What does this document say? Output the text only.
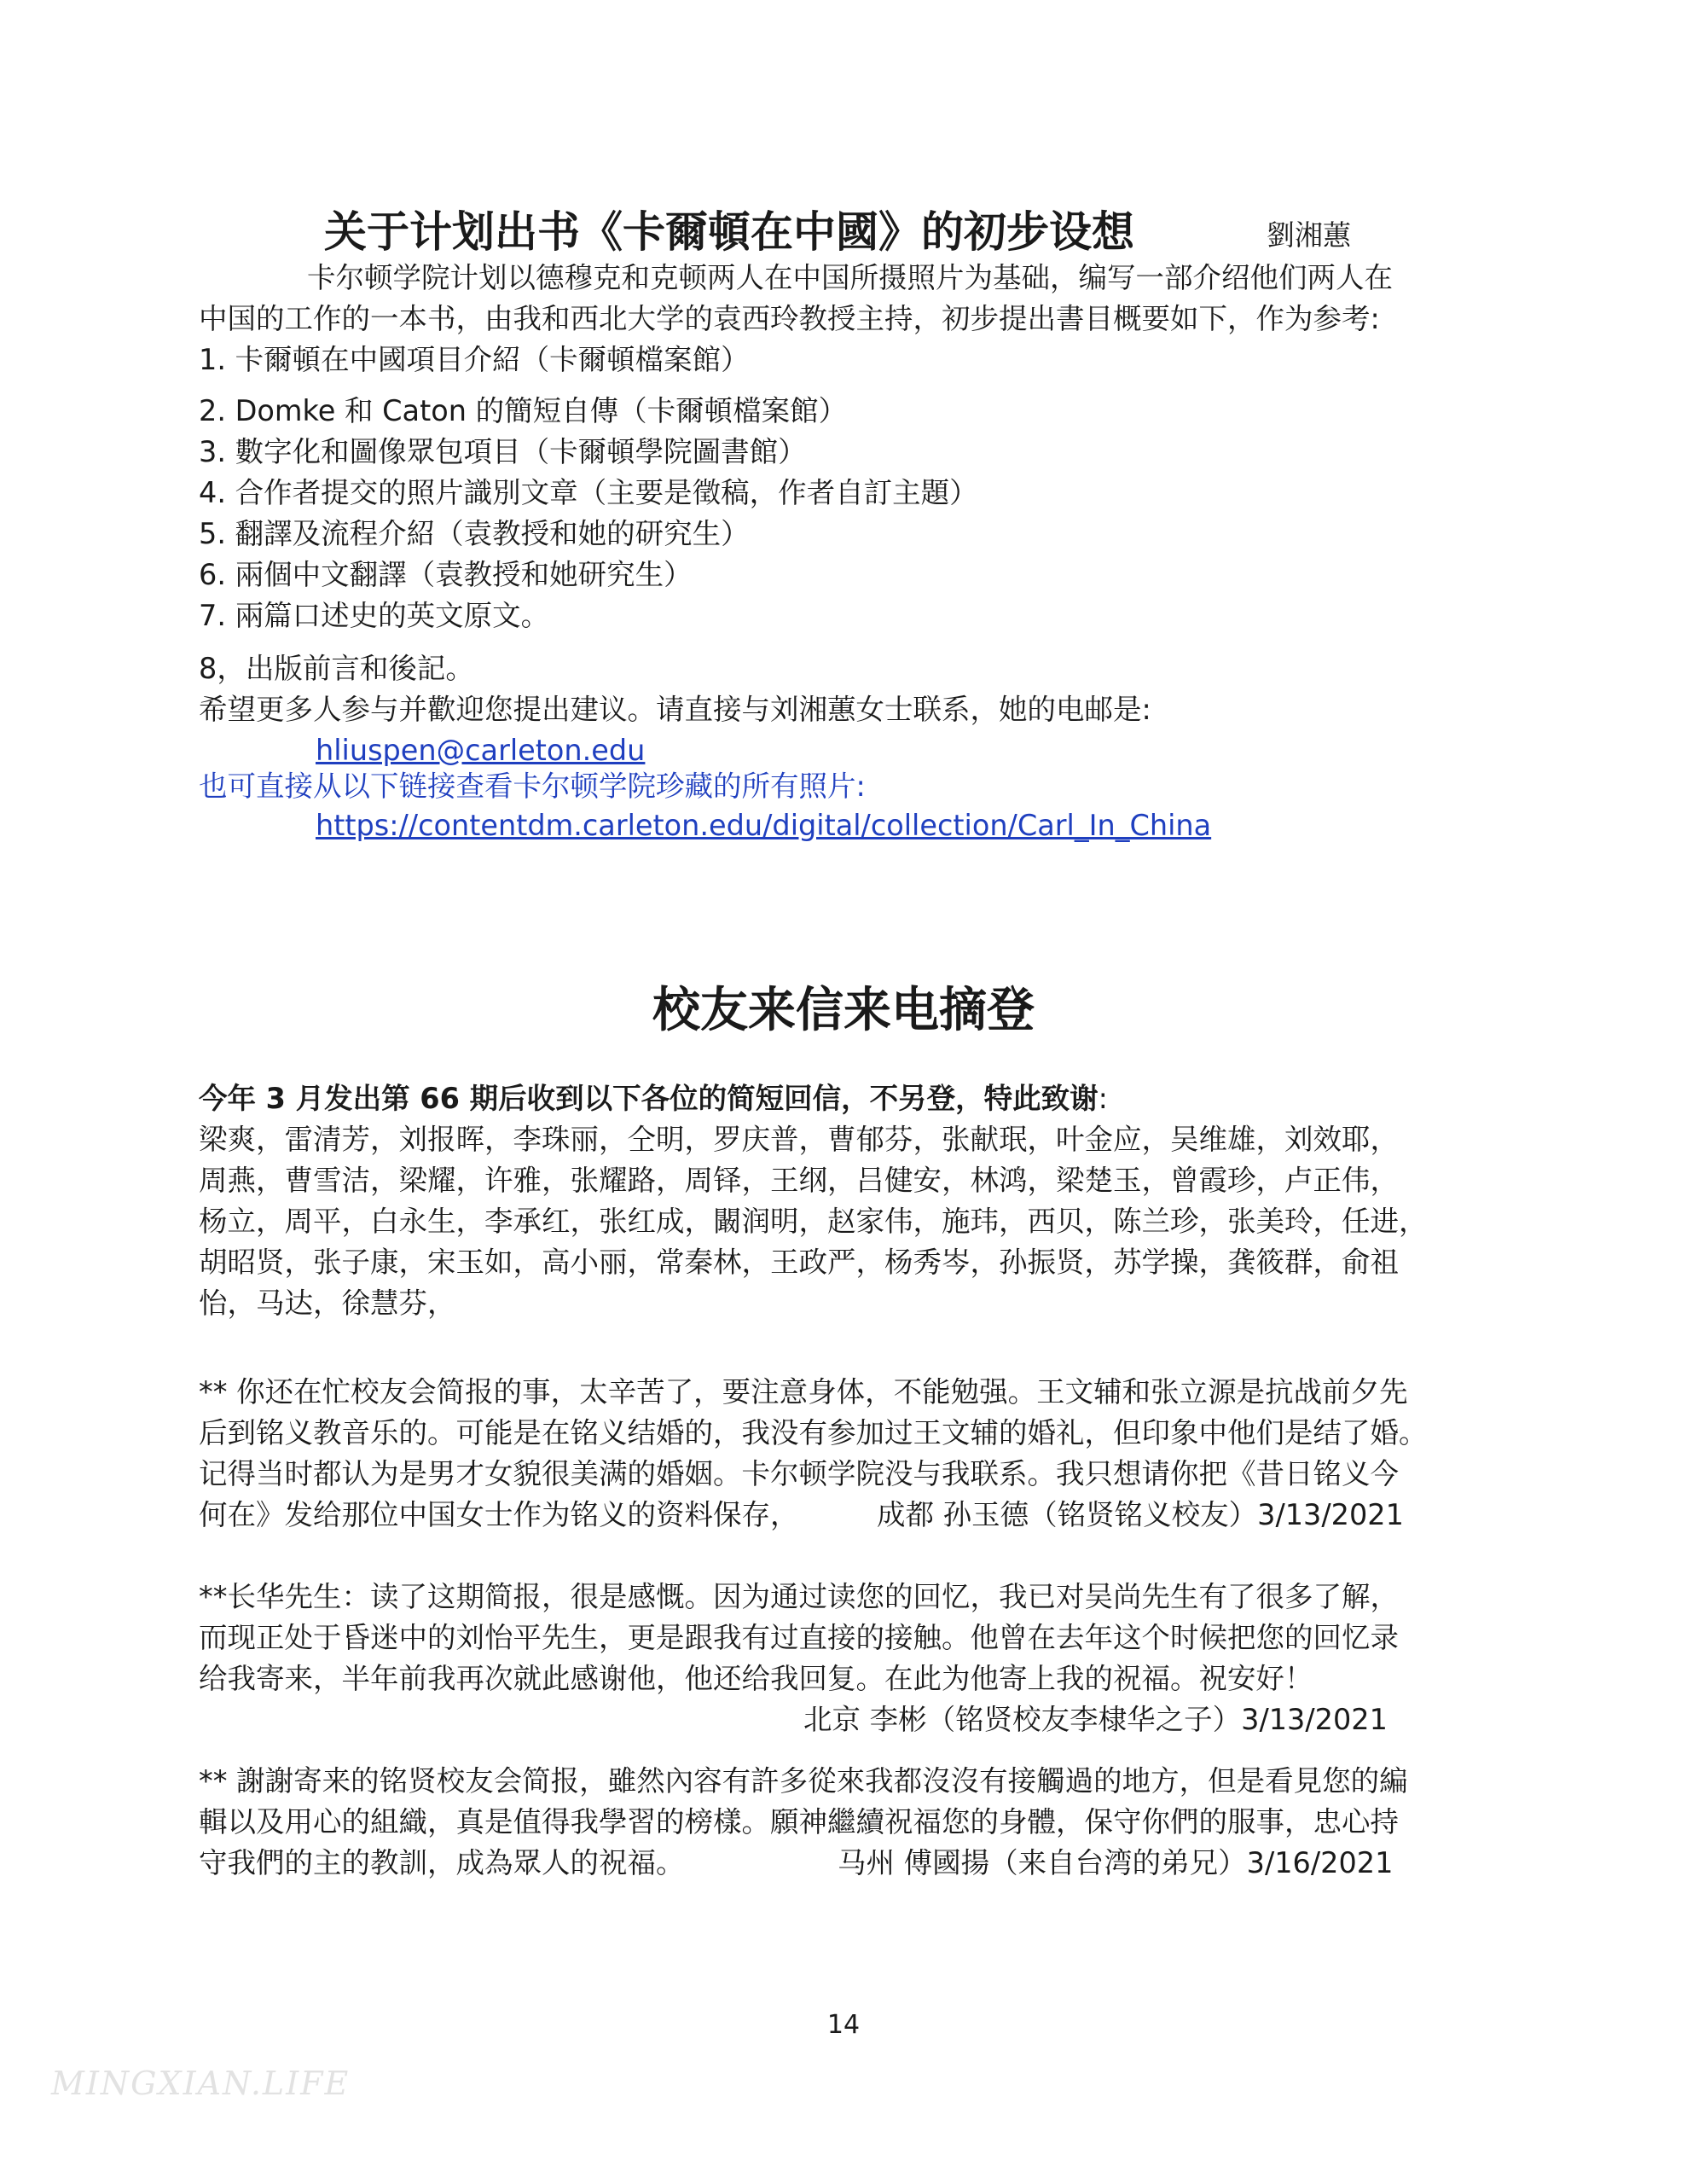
关于计划出书《卡爾頓在中國》的初步设想	劉湘蕙
卡尔顿学院计划以德穆克和克顿两人在中国所摄照片为基础，编写一部介绍他们两人在
中国的工作的一本书，由我和西北大学的袁西玲教授主持，初步提出書目概要如下，作为参考:
1. 卡爾頓在中國項目介紹（卡爾頓檔案館）
2. Domke 和 Caton 的簡短自傳（卡爾頓檔案館）
3. 數字化和圖像眾包項目（卡爾頓學院圖書館）
4. 合作者提交的照片識別文章（主要是徵稿，作者自訂主題）
5. 翻譯及流程介紹（袁教授和她的研究生）
6. 兩個中文翻譯（袁教授和她研究生）
7. 兩篇口述史的英文原文。
8，出版前言和後記。
希望更多人参与并歡迎您提出建议。请直接与刘湘蕙女士联系，她的电邮是:
hliuspen@carleton.edu
也可直接从以下链接查看卡尔顿学院珍藏的所有照片:
https://contentdm.carleton.edu/digital/collection/Carl_In_China
校友来信来电摘登
今年 3 月发出第 66 期后收到以下各位的简短回信，不另登，特此致谢:
梁爽，雷清芳，刘报晖，李珠丽，仝明，罗庆普，曹郁芬，张献珉，叶金应，吴维雄，刘效耶，
周燕，曹雪洁，梁耀，许雅，张耀路，周铎，王纲，吕健安，林鸿，梁楚玉，曾霞珍，卢正伟，
杨立，周平，白永生，李承红，张红成，闞润明，赵家伟，施玮，西贝，陈兰珍，张美玲，任进，
胡昭贤，张子康，宋玉如，高小丽，常秦林，王政严，杨秀岑，孙振贤，苏学操，龚筱群，俞祖
怡，马达，徐慧芬，
** 你还在忙校友会简报的事，太辛苦了，要注意身体，不能勉强。王文辅和张立源是抗战前夕先
后到铭义教音乐的。可能是在铭义结婚的，我没有参加过王文辅的婚礼，但印象中他们是结了婚。
记得当时都认为是男才女貌很美满的婚姻。卡尔顿学院没与我联系。我只想请你把《昔日铭义今
何在》发给那位中国女士作为铭义的资料保存，	成都 孙玉德（铭贤铭义校友）3/13/2021
**长华先生：读了这期简报，很是感慨。因为通过读您的回忆，我已对吴尚先生有了很多了解，
而现正处于昏迷中的刘怡平先生，更是跟我有过直接的接触。他曾在去年这个时候把您的回忆录
给我寄来，半年前我再次就此感谢他，他还给我回复。在此为他寄上我的祝福。祝安好！
北京 李彬（铭贤校友李棣华之子）3/13/2021
** 謝謝寄来的铭贤校友会简报，雖然內容有許多從來我都沒沒有接觸過的地方，但是看見您的編
輯以及用心的組織，真是值得我學習的榜樣。願神繼續祝福您的身體，保守你們的服事，忠心持
守我們的主的教訓，成為眾人的祝福。	马州 傅國揚（来自台湾的弟兄）3/16/2021
14
MINGXIAN.LIFE
